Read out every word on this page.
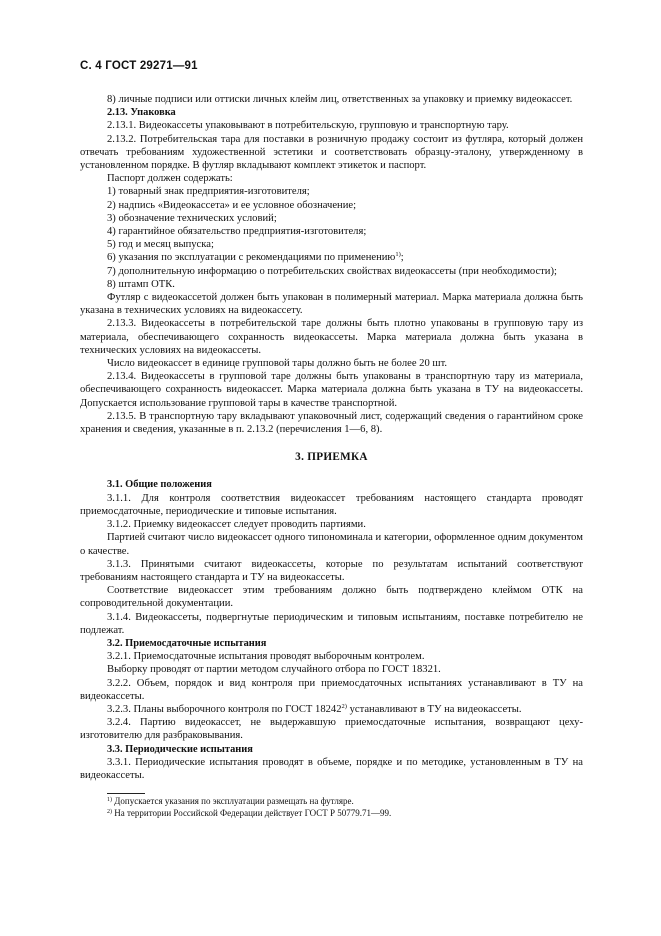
С. 4 ГОСТ 29271—91

8) личные подписи или оттиски личных клейм лиц, ответственных за упаковку и приемку видеокассет.

2.13. Упаковка

2.13.1. Видеокассеты упаковывают в потребительскую, групповую и транспортную тару.

2.13.2. Потребительская тара для поставки в розничную продажу состоит из футляра, который должен отвечать требованиям художественной эстетики и соответствовать образцу-эталону, утвержденному в установленном порядке. В футляр вкладывают комплект этикеток и паспорт.

Паспорт должен содержать:

1) товарный знак предприятия-изготовителя;

2) надпись «Видеокассета» и ее условное обозначение;

3) обозначение технических условий;

4) гарантийное обязательство предприятия-изготовителя;

5) год и месяц выпуска;

6) указания по эксплуатации с рекомендациями по применению$^{1)}$;

7) дополнительную информацию о потребительских свойствах видеокассеты (при необходимости);

8) штамп ОТК.

Футляр с видеокассетой должен быть упакован в полимерный материал. Марка материала должна быть указана в технических условиях на видеокассету.

2.13.3. Видеокассеты в потребительской таре должны быть плотно упакованы в групповую тару из материала, обеспечивающего сохранность видеокассеты. Марка материала должна быть указана в технических условиях на видеокассеты.

Число видеокассет в единице групповой тары должно быть не более 20 шт.

2.13.4. Видеокассеты в групповой таре должны быть упакованы в транспортную тару из материала, обеспечивающего сохранность видеокассет. Марка материала должна быть указана в ТУ на видеокассеты. Допускается использование групповой тары в качестве транспортной.

2.13.5. В транспортную тару вкладывают упаковочный лист, содержащий сведения о гарантийном сроке хранения и сведения, указанные в п. 2.13.2 (перечисления 1—6, 8).

3. ПРИЕМКА

3.1. Общие положения

3.1.1. Для контроля соответствия видеокассет требованиям настоящего стандарта проводят приемосдаточные, периодические и типовые испытания.

3.1.2. Приемку видеокассет следует проводить партиями.

Партией считают число видеокассет одного типономинала и категории, оформленное одним документом о качестве.

3.1.3. Принятыми считают видеокассеты, которые по результатам испытаний соответствуют требованиям настоящего стандарта и ТУ на видеокассеты.

Соответствие видеокассет этим требованиям должно быть подтверждено клеймом ОТК на сопроводительной документации.

3.1.4. Видеокассеты, подвергнутые периодическим и типовым испытаниям, поставке потребителю не подлежат.

3.2. Приемосдаточные испытания

3.2.1. Приемосдаточные испытания проводят выборочным контролем.

Выборку проводят от партии методом случайного отбора по ГОСТ 18321.

3.2.2. Объем, порядок и вид контроля при приемосдаточных испытаниях устанавливают в ТУ на видеокассеты.

3.2.3. Планы выборочного контроля по ГОСТ 18242$^{2)}$ устанавливают в ТУ на видеокассеты.

3.2.4. Партию видеокассет, не выдержавшую приемосдаточные испытания, возвращают цеху-изготовителю для разбраковывания.

3.3. Периодические испытания

3.3.1. Периодические испытания проводят в объеме, порядке и по методике, установленным в ТУ на видеокассеты.

$^{1)}$ Допускается указания по эксплуатации размещать на футляре.

$^{2)}$ На территории Российской Федерации действует ГОСТ Р 50779.71—99.
